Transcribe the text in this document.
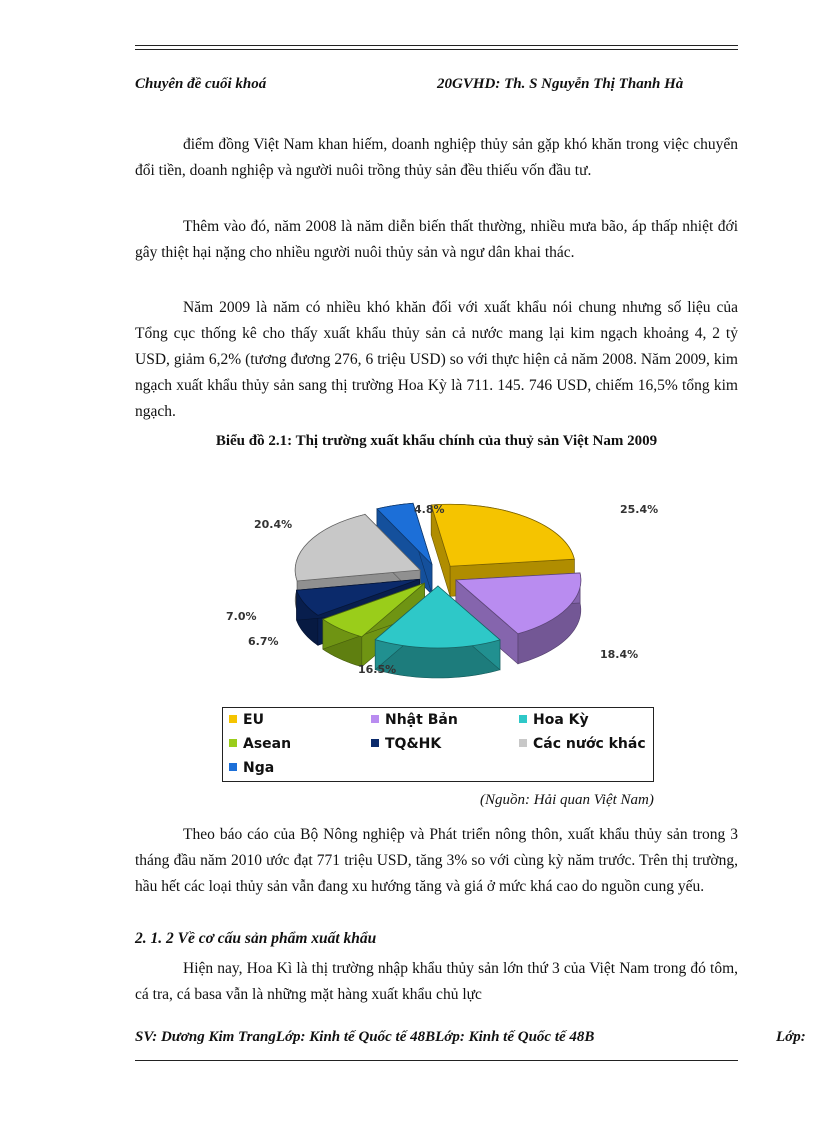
Chuyên đề cuối khoá	20GVHD: Th. S Nguyễn Thị Thanh Hà

điểm đồng Việt Nam khan hiếm, doanh nghiệp thủy sản gặp khó khăn trong việc chuyển đổi tiền, doanh nghiệp và người nuôi trồng thủy sản đều thiếu vốn đầu tư.

Thêm vào đó, năm 2008 là năm diễn biến thất thường, nhiều mưa bão, áp thấp nhiệt đới gây thiệt hại nặng cho nhiều người nuôi thủy sản và ngư dân khai thác.

Năm 2009 là năm có nhiều khó khăn đối với xuất khẩu nói chung nhưng số liệu của Tổng cục thống kê cho thấy xuất khẩu thủy sản cả nước mang lại kim ngạch khoảng 4, 2 tỷ USD, giảm 6,2% (tương đương 276, 6 triệu USD) so với thực hiện cả năm 2008. Năm 2009, kim ngạch xuất khẩu thủy sản sang thị trường Hoa Kỳ là 711. 145. 746 USD, chiếm 16,5% tổng kim ngạch.

Biểu đồ 2.1: Thị trường xuất khẩu chính của thuỷ sản Việt Nam 2009
25.4%
18.4%
16.5%
6.7%
7.0%
20.4%
4.8%
EU	Nhật Bản	Hoa Kỳ
Asean	TQ&HK	Các nước khác
Nga
(Nguồn: Hải quan Việt Nam)

Theo báo cáo của Bộ Nông nghiệp và Phát triển nông thôn, xuất khẩu thủy sản trong 3 tháng đầu năm 2010 ước đạt 771 triệu USD, tăng 3% so với cùng kỳ năm trước. Trên thị trường, hầu hết các loại thủy sản vẫn đang xu hướng tăng và giá ở mức khá cao do nguồn cung yếu.

2. 1. 2 Về cơ cấu sản phẩm xuất khẩu

Hiện nay, Hoa Kì là thị trường nhập khẩu thủy sản lớn thứ 3 của Việt Nam trong đó tôm, cá tra, cá basa vẫn là những mặt hàng xuất khẩu chủ lực

SV: Dương Kim TrangLớp: Kinh tế Quốc tế 48BLớp: Kinh tế Quốc tế 48B	Lớp:
